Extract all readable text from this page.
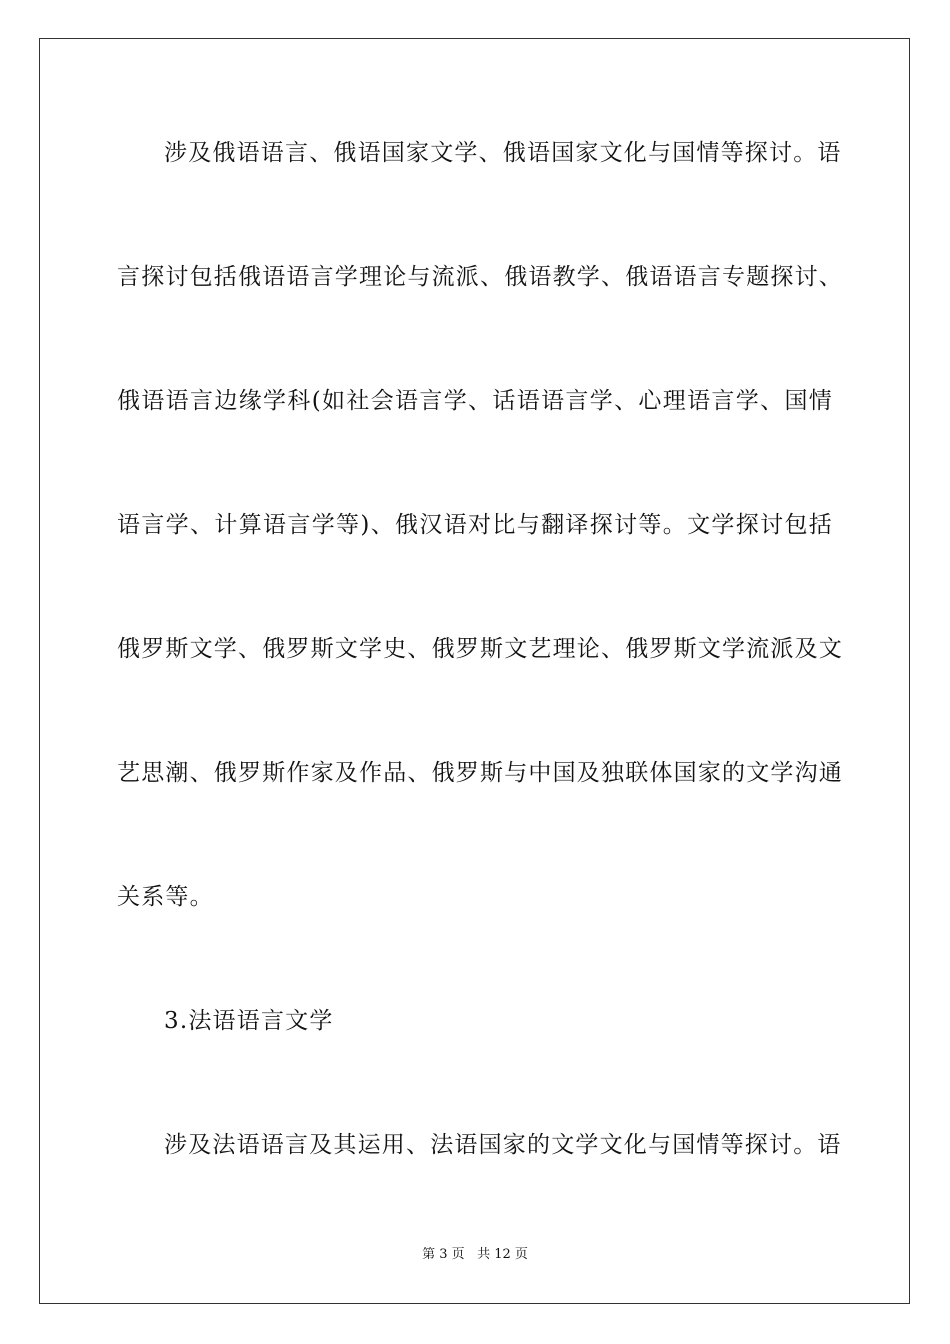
涉及俄语语言、俄语国家文学、俄语国家文化与国情等探讨。语
言探讨包括俄语语言学理论与流派、俄语教学、俄语语言专题探讨、
俄语语言边缘学科(如社会语言学、话语语言学、心理语言学、国情
语言学、计算语言学等)、俄汉语对比与翻译探讨等。文学探讨包括
俄罗斯文学、俄罗斯文学史、俄罗斯文艺理论、俄罗斯文学流派及文
艺思潮、俄罗斯作家及作品、俄罗斯与中国及独联体国家的文学沟通
关系等。
3.法语语言文学
涉及法语语言及其运用、法语国家的文学文化与国情等探讨。语
第 3 页 共 12 页
